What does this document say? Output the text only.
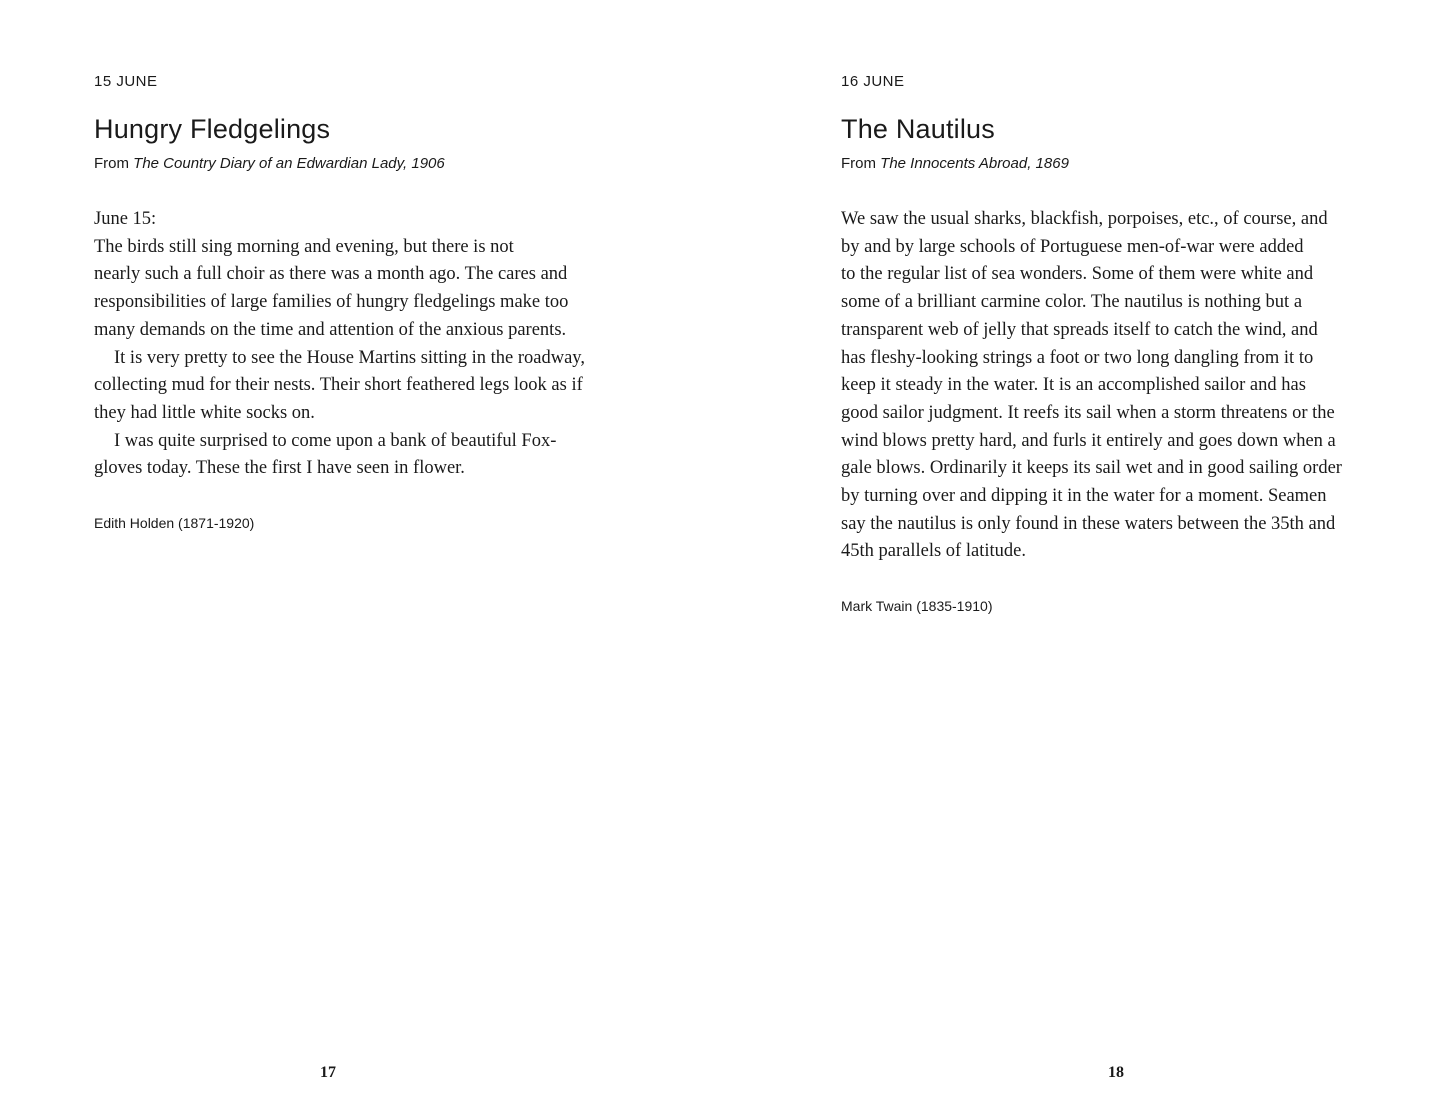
15 JUNE
Hungry Fledgelings
From The Country Diary of an Edwardian Lady, 1906
June 15:
The birds still sing morning and evening, but there is not
nearly such a full choir as there was a month ago. The cares and
responsibilities of large families of hungry fledgelings make too
many demands on the time and attention of the anxious parents.
It is very pretty to see the House Martins sitting in the roadway,
collecting mud for their nests. Their short feathered legs look as if
they had little white socks on.
I was quite surprised to come upon a bank of beautiful Fox-
gloves today. These the first I have seen in flower.
Edith Holden (1871-1920)
17
16 JUNE
The Nautilus
From The Innocents Abroad, 1869
We saw the usual sharks, blackfish, porpoises, etc., of course, and
by and by large schools of Portuguese men-of-war were added
to the regular list of sea wonders. Some of them were white and
some of a brilliant carmine color. The nautilus is nothing but a
transparent web of jelly that spreads itself to catch the wind, and
has fleshy-looking strings a foot or two long dangling from it to
keep it steady in the water. It is an accomplished sailor and has
good sailor judgment. It reefs its sail when a storm threatens or the
wind blows pretty hard, and furls it entirely and goes down when a
gale blows. Ordinarily it keeps its sail wet and in good sailing order
by turning over and dipping it in the water for a moment. Seamen
say the nautilus is only found in these waters between the 35th and
45th parallels of latitude.
Mark Twain (1835-1910)
18
